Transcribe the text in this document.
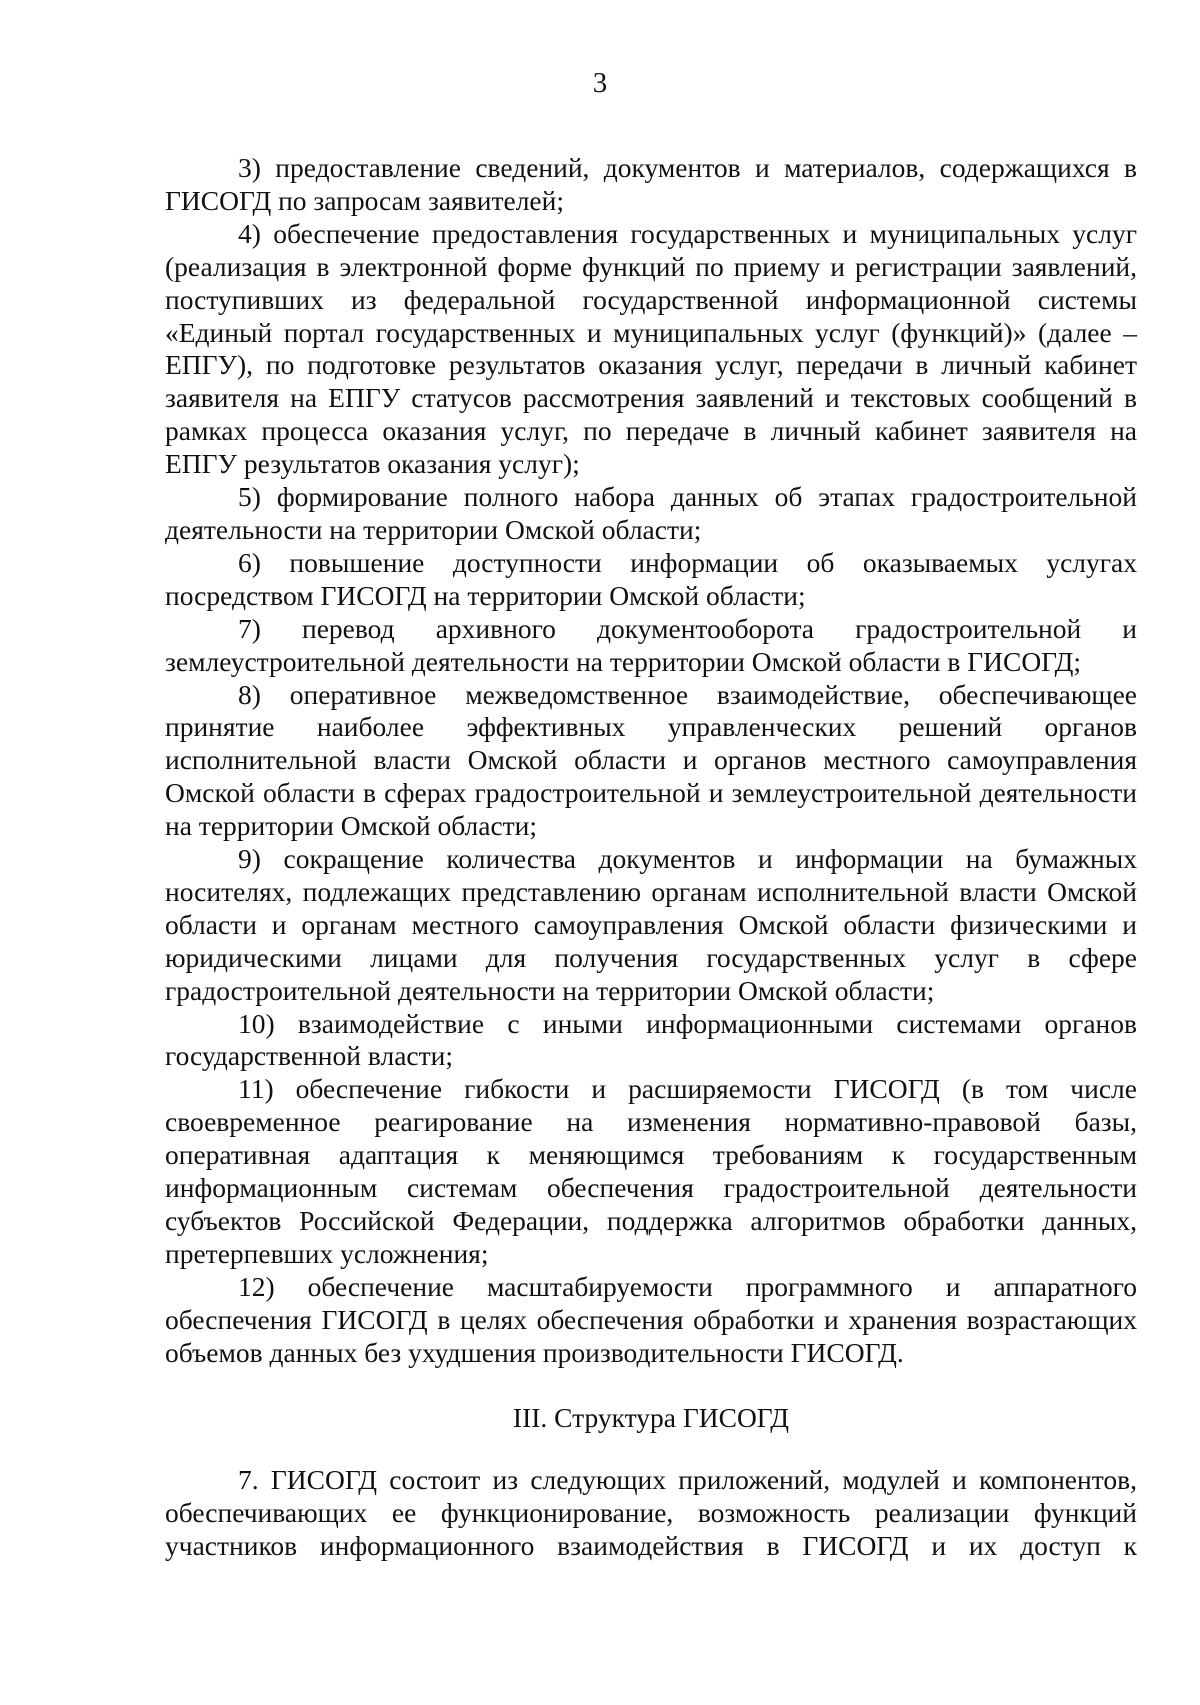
3

3) предоставление сведений, документов и материалов, содержащихся в ГИСОГД по запросам заявителей;

4) обеспечение предоставления государственных и муниципальных услуг (реализация в электронной форме функций по приему и регистрации заявлений, поступивших из федеральной государственной информационной системы «Единый портал государственных и муниципальных услуг (функций)» (далее – ЕПГУ), по подготовке результатов оказания услуг, передачи в личный кабинет заявителя на ЕПГУ статусов рассмотрения заявлений и текстовых сообщений в рамках процесса оказания услуг, по передаче в личный кабинет заявителя на ЕПГУ результатов оказания услуг);

5) формирование полного набора данных об этапах градостроительной деятельности на территории Омской области;

6) повышение доступности информации об оказываемых услугах посредством ГИСОГД на территории Омской области;

7) перевод архивного документооборота градостроительной и землеустроительной деятельности на территории Омской области в ГИСОГД;

8) оперативное межведомственное взаимодействие, обеспечивающее принятие наиболее эффективных управленческих решений органов исполнительной власти Омской области и органов местного самоуправления Омской области в сферах градостроительной и землеустроительной деятельности на территории Омской области;

9) сокращение количества документов и информации на бумажных носителях, подлежащих представлению органам исполнительной власти Омской области и органам местного самоуправления Омской области физическими и юридическими лицами для получения государственных услуг в сфере градостроительной деятельности на территории Омской области;

10) взаимодействие с иными информационными системами органов государственной власти;

11) обеспечение гибкости и расширяемости ГИСОГД (в том числе своевременное реагирование на изменения нормативно-правовой базы, оперативная адаптация к меняющимся требованиям к государственным информационным системам обеспечения градостроительной деятельности субъектов Российской Федерации, поддержка алгоритмов обработки данных, претерпевших усложнения;

12) обеспечение масштабируемости программного и аппаратного обеспечения ГИСОГД в целях обеспечения обработки и хранения возрастающих объемов данных без ухудшения производительности ГИСОГД.

III. Структура ГИСОГД

7. ГИСОГД состоит из следующих приложений, модулей и компонентов, обеспечивающих ее функционирование, возможность реализации функций участников информационного взаимодействия в ГИСОГД и их доступ к
